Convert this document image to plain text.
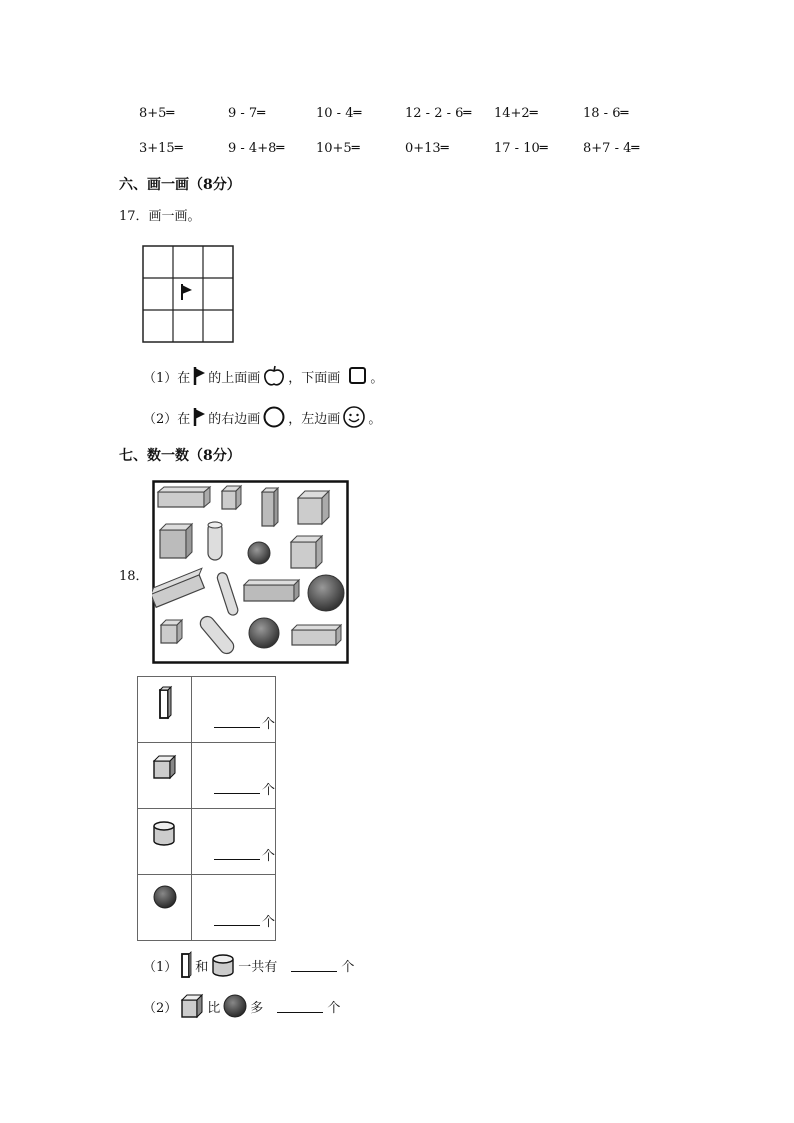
8+5═	9 - 7═	10 - 4═	12 - 2 - 6═ 14+2═	18 - 6═
3+15═	9 - 4+8═ 10+5═	0+13═	17 - 10═	8+7 - 4═
六、画一画（8分）
17．画一画。
（1）在 的上面画 ，下面画 。
（2）在 的右边画 ，左边画 。
七、数一数（8分）
18．
	个
	个
	个
	个
（1） 和 一共有	个
（2） 比 多	个
